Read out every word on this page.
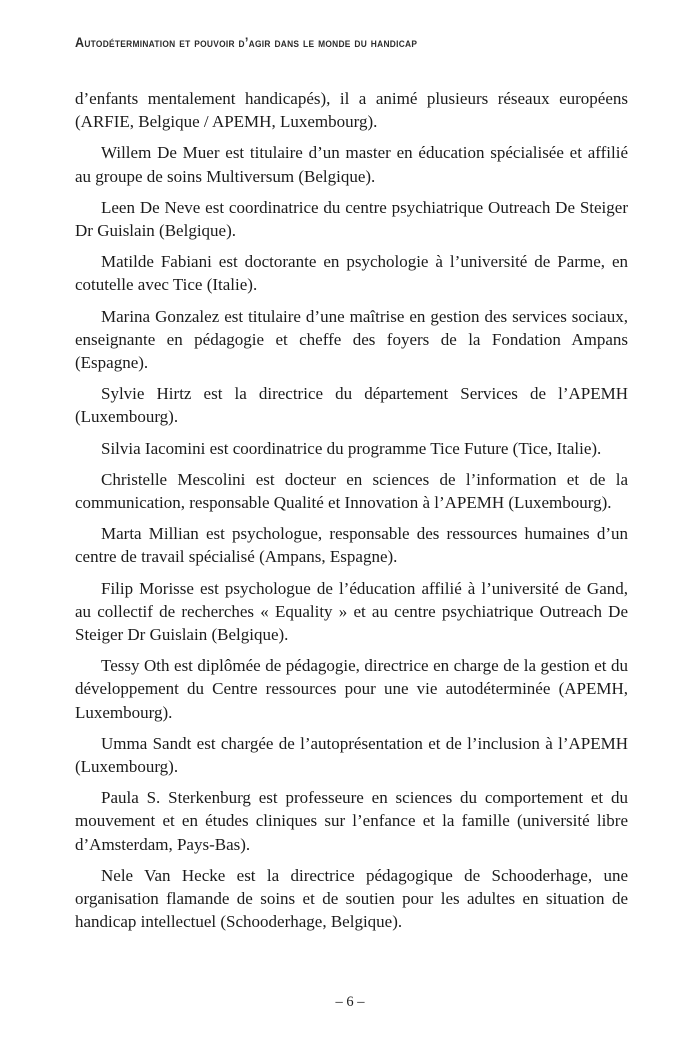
Autodétermination et pouvoir d’agir dans le monde du handicap

d’enfants mentalement handicapés), il a animé plusieurs réseaux européens (ARFIE, Belgique / APEMH, Luxembourg).

Willem De Muer est titulaire d’un master en éducation spécialisée et affilié au groupe de soins Multiversum (Belgique).

Leen De Neve est coordinatrice du centre psychiatrique Outreach De Steiger Dr Guislain (Belgique).

Matilde Fabiani est doctorante en psychologie à l’université de Parme, en cotutelle avec Tice (Italie).

Marina Gonzalez est titulaire d’une maîtrise en gestion des services sociaux, enseignante en pédagogie et cheffe des foyers de la Fondation Ampans (Espagne).

Sylvie Hirtz est la directrice du département Services de l’APEMH (Luxembourg).

Silvia Iacomini est coordinatrice du programme Tice Future (Tice, Italie).

Christelle Mescolini est docteur en sciences de l’information et de la communication, responsable Qualité et Innovation à l’APEMH (Luxembourg).

Marta Millian est psychologue, responsable des ressources humaines d’un centre de travail spécialisé (Ampans, Espagne).

Filip Morisse est psychologue de l’éducation affilié à l’université de Gand, au collectif de recherches « Equality » et au centre psychiatrique Outreach De Steiger Dr Guislain (Belgique).

Tessy Oth est diplômée de pédagogie, directrice en charge de la gestion et du développement du Centre ressources pour une vie autodéterminée (APEMH, Luxembourg).

Umma Sandt est chargée de l’autoprésentation et de l’inclusion à l’APEMH (Luxembourg).

Paula S. Sterkenburg est professeure en sciences du comportement et du mouvement et en études cliniques sur l’enfance et la famille (université libre d’Amsterdam, Pays-Bas).

Nele Van Hecke est la directrice pédagogique de Schooderhage, une organisation flamande de soins et de soutien pour les adultes en situation de handicap intellectuel (Schooderhage, Belgique).

– 6 –
